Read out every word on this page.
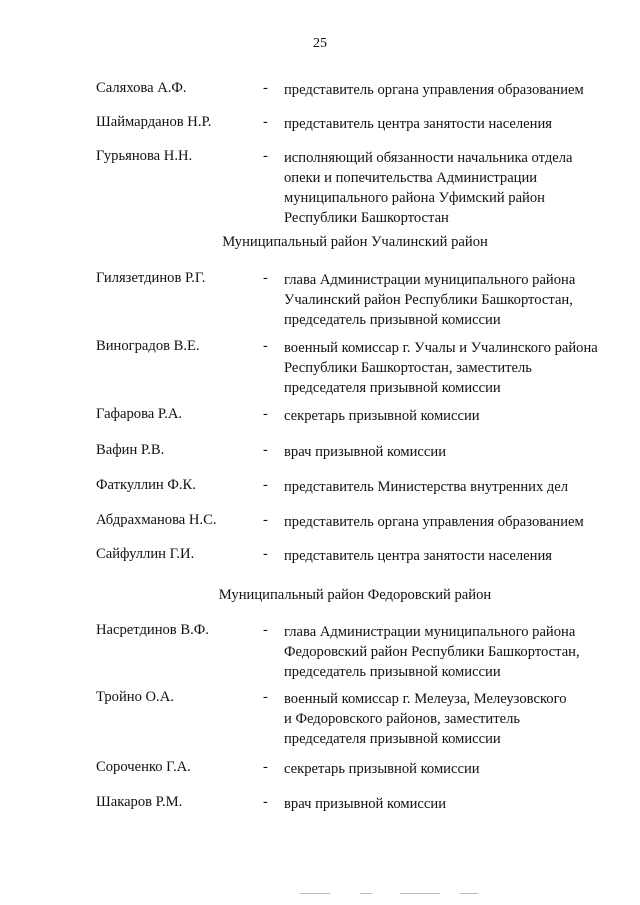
25
Саляхова А.Ф.	- представитель органа управления образованием
Шаймарданов Н.Р.	- представитель центра занятости населения
Гурьянова Н.Н.	- исполняющий обязанности начальника отдела
опеки и попечительства Администрации
муниципального района Уфимский район
Республики Башкортостан
Муниципальный район Учалинский район
Гилязетдинов Р.Г.	- глава Администрации муниципального района
Учалинский район Республики Башкортостан,
председатель призывной комиссии
Виноградов В.Е.	- военный комиссар г. Учалы и Учалинского района
Республики Башкортостан, заместитель
председателя призывной комиссии
Гафарова Р.А.	- секретарь призывной комиссии
Вафин Р.В.	- врач призывной комиссии
Фаткуллин Ф.К.	- представитель Министерства внутренних дел
Абдрахманова Н.С.	- представитель органа управления образованием
Сайфуллин Г.И.	- представитель центра занятости населения
Муниципальный район Федоровский район
Насретдинов В.Ф.	- глава Администрации муниципального района
Федоровский район Республики Башкортостан,
председатель призывной комиссии
Тройно О.А.	- военный комиссар г. Мелеуза, Мелеузовского
и Федоровского районов, заместитель
председателя призывной комиссии
Сороченко Г.А.	- секретарь призывной комиссии
Шакаров Р.М.	- врач призывной комиссии
